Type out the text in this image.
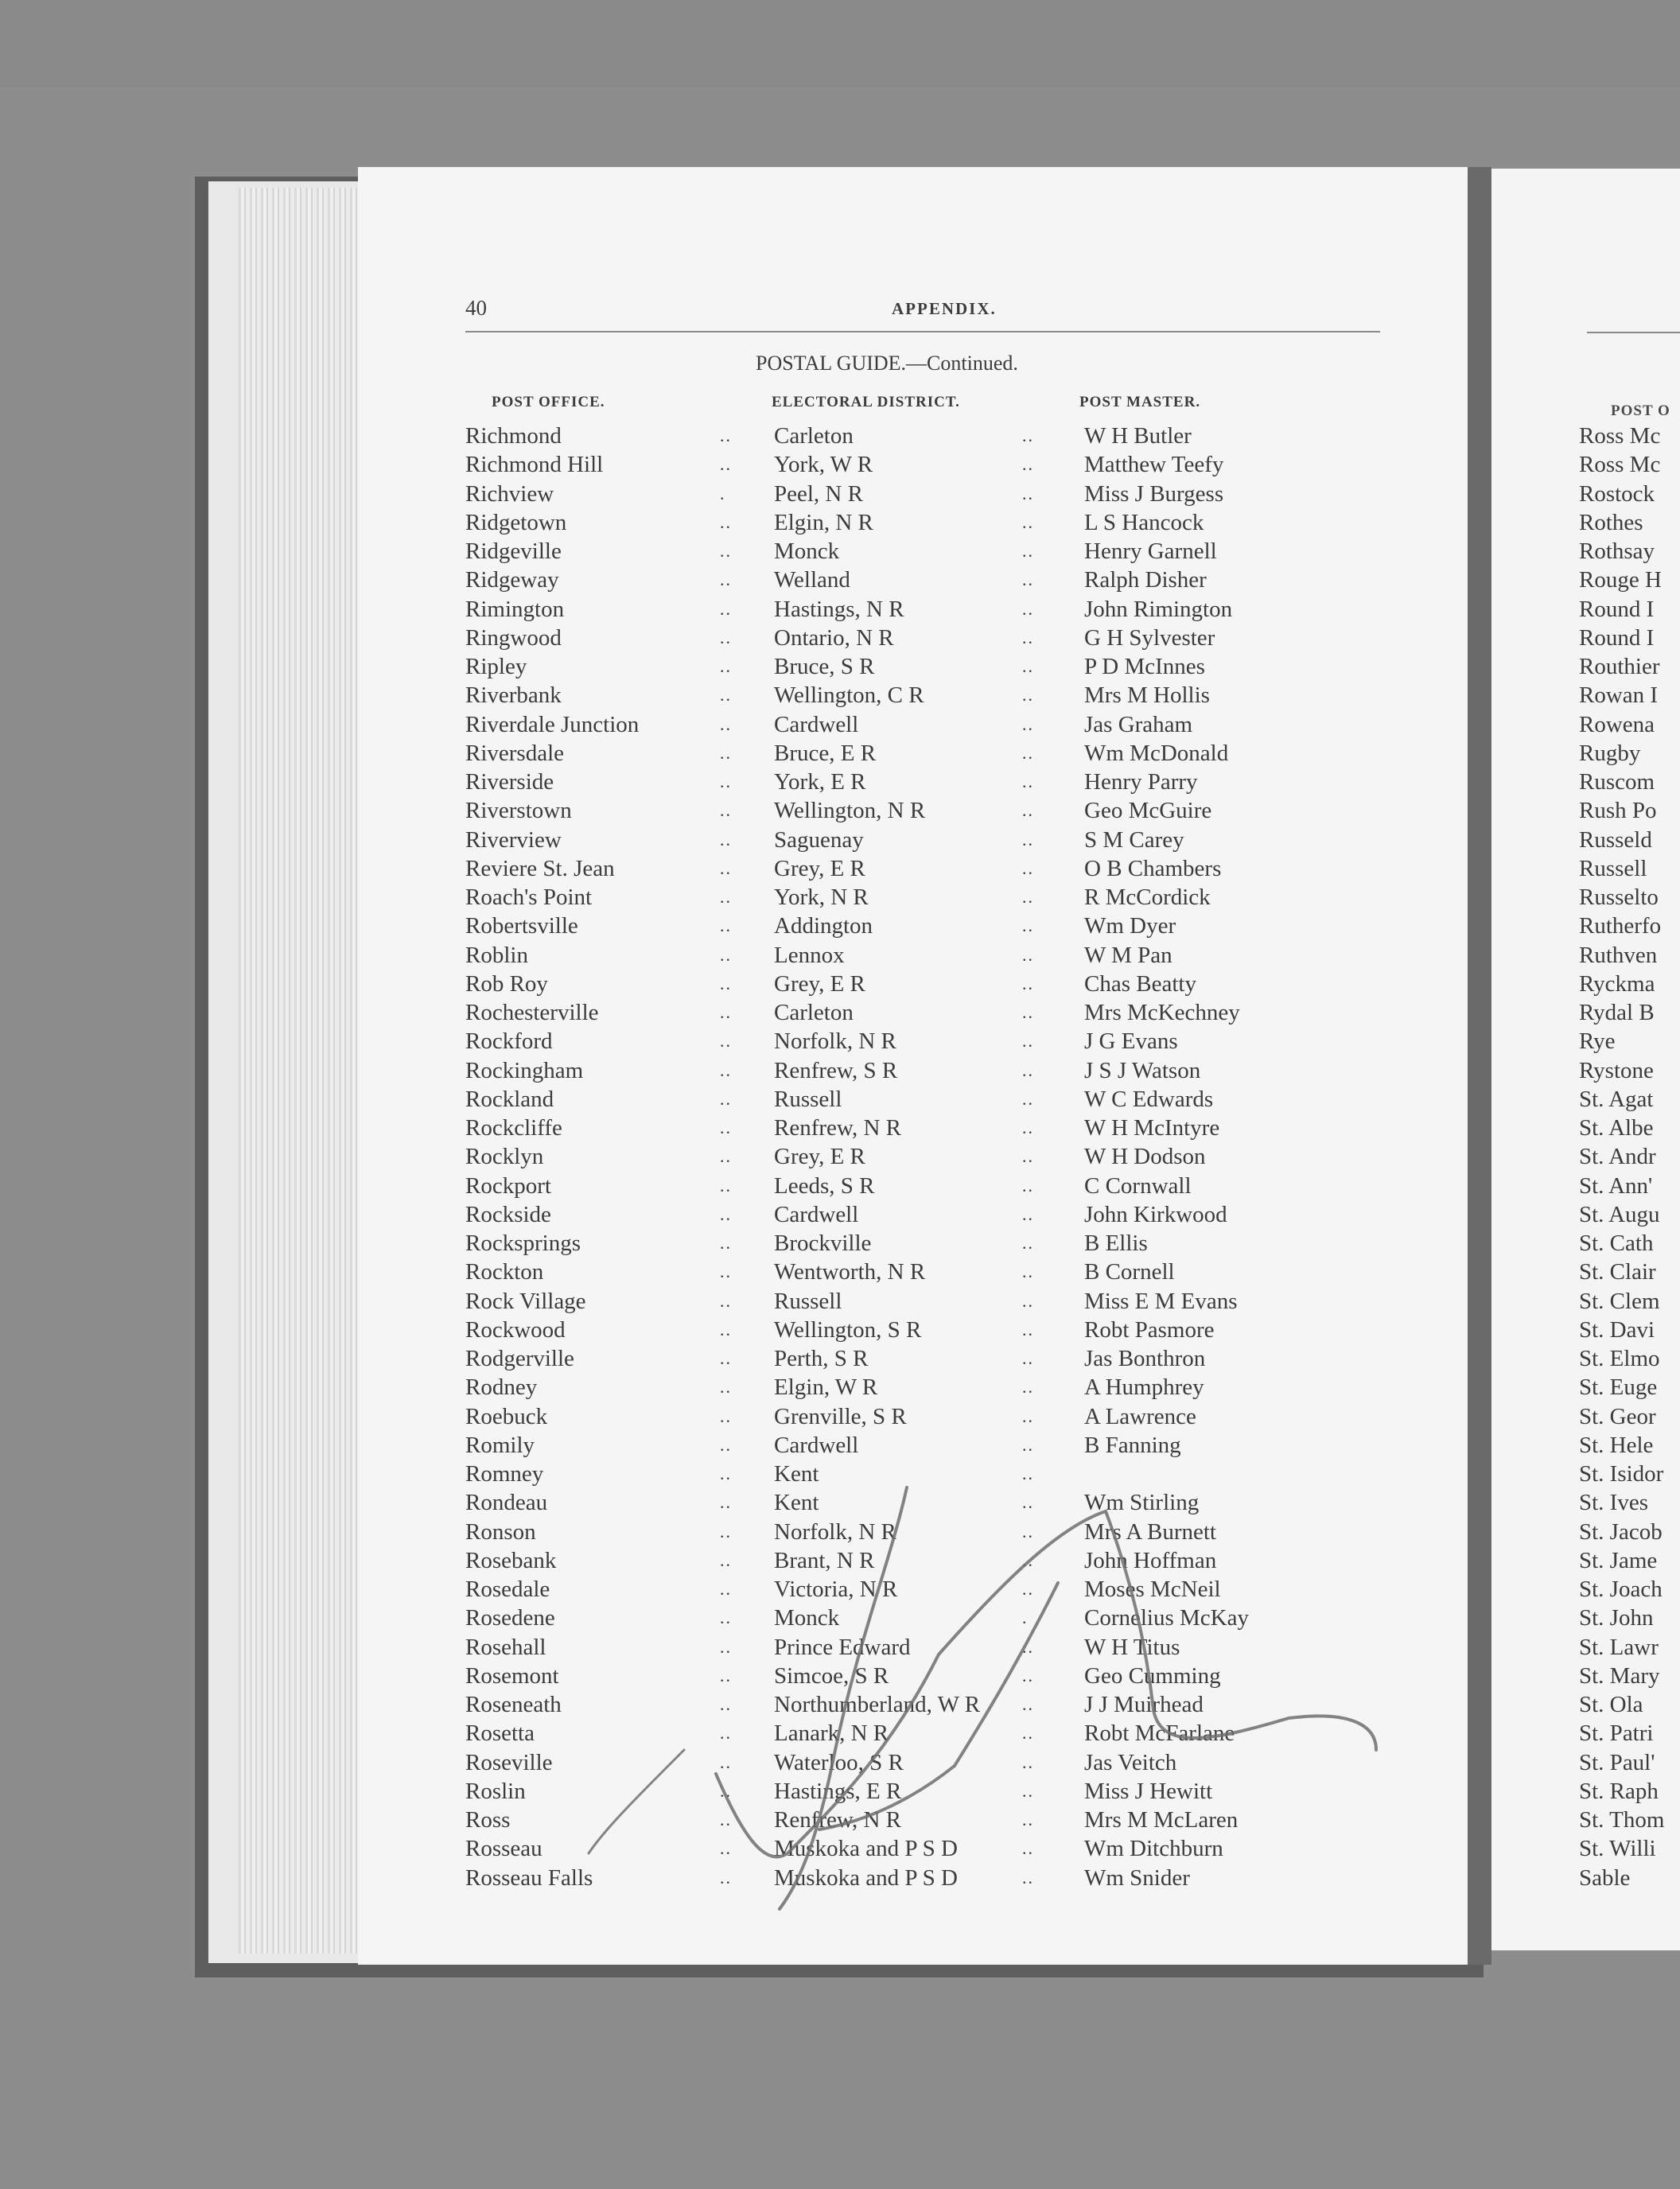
POST O
Ross Mc
Ross Mc
Rostock
Rothes
Rothsay
Rouge H
Round I
Round I
Routhier
Rowan I
Rowena
Rugby
Ruscom
Rush Po
Russeld
Russell
Russelto
Rutherfo
Ruthven
Ryckma
Rydal B
Rye
Rystone
St. Agat
St. Albe
St. Andr
St. Ann'
St. Augu
St. Cath
St. Clair
St. Clem
St. Davi
St. Elmo
St. Euge
St. Geor
St. Hele
St. Isidor
St. Ives
St. Jacob
St. Jame
St. Joach
St. John
St. Lawr
St. Mary
St. Ola
St. Patri
St. Paul'
St. Raph
St. Thom
St. Willi
Sable
40	APPENDIX.
POSTAL GUIDE.—Continued.
POST OFFICE.	ELECTORAL DISTRICT.	POST MASTER.
Richmond	.. Carleton	.. W H Butler
Richmond Hill	.. York, W R	.. Matthew Teefy
Richview	. Peel, N R	.. Miss J Burgess
Ridgetown	.. Elgin, N R	.. L S Hancock
Ridgeville	.. Monck	.. Henry Garnell
Ridgeway	.. Welland	.. Ralph Disher
Rimington	.. Hastings, N R	.. John Rimington
Ringwood	.. Ontario, N R	.. G H Sylvester
Ripley	.. Bruce, S R	.. P D McInnes
Riverbank	.. Wellington, C R	.. Mrs M Hollis
Riverdale Junction	.. Cardwell	.. Jas Graham
Riversdale	.. Bruce, E R	.. Wm McDonald
Riverside	.. York, E R	.. Henry Parry
Riverstown	.. Wellington, N R	.. Geo McGuire
Riverview	.. Saguenay	.. S M Carey
Reviere St. Jean	.. Grey, E R	.. O B Chambers
Roach's Point	.. York, N R	.. R McCordick
Robertsville	.. Addington	.. Wm Dyer
Roblin	.. Lennox	.. W M Pan
Rob Roy	.. Grey, E R	.. Chas Beatty
Rochesterville	.. Carleton	.. Mrs McKechney
Rockford	.. Norfolk, N R	.. J G Evans
Rockingham	.. Renfrew, S R	.. J S J Watson
Rockland	.. Russell	.. W C Edwards
Rockcliffe	.. Renfrew, N R	.. W H McIntyre
Rocklyn	.. Grey, E R	.. W H Dodson
Rockport	.. Leeds, S R	.. C Cornwall
Rockside	.. Cardwell	.. John Kirkwood
Rocksprings	.. Brockville	.. B Ellis
Rockton	.. Wentworth, N R	.. B Cornell
Rock Village	.. Russell	.. Miss E M Evans
Rockwood	.. Wellington, S R	.. Robt Pasmore
Rodgerville	.. Perth, S R	.. Jas Bonthron
Rodney	.. Elgin, W R	.. A Humphrey
Roebuck	.. Grenville, S R	.. A Lawrence
Romily	.. Cardwell	.. B Fanning
Romney	.. Kent	..
Rondeau	.. Kent	.. Wm Stirling
Ronson	.. Norfolk, N R	.. Mrs A Burnett
Rosebank	.. Brant, N R	.. John Hoffman
Rosedale	.. Victoria, N R	.. Moses McNeil
Rosedene	.. Monck	. Cornelius McKay
Rosehall	.. Prince Edward	.. W H Titus
Rosemont	.. Simcoe, S R	.. Geo Cumming
Roseneath	.. Northumberland, W R .. J J Muirhead
Rosetta	.. Lanark, N R	.. Robt McFarlane
Roseville	.. Waterloo, S R	.. Jas Veitch
Roslin	.. Hastings, E R	.. Miss J Hewitt
Ross	.. Renfrew, N R	.. Mrs M McLaren
Rosseau	.. Muskoka and P S D	.. Wm Ditchburn
Rosseau Falls	.. Muskoka and P S D	.. Wm Snider
